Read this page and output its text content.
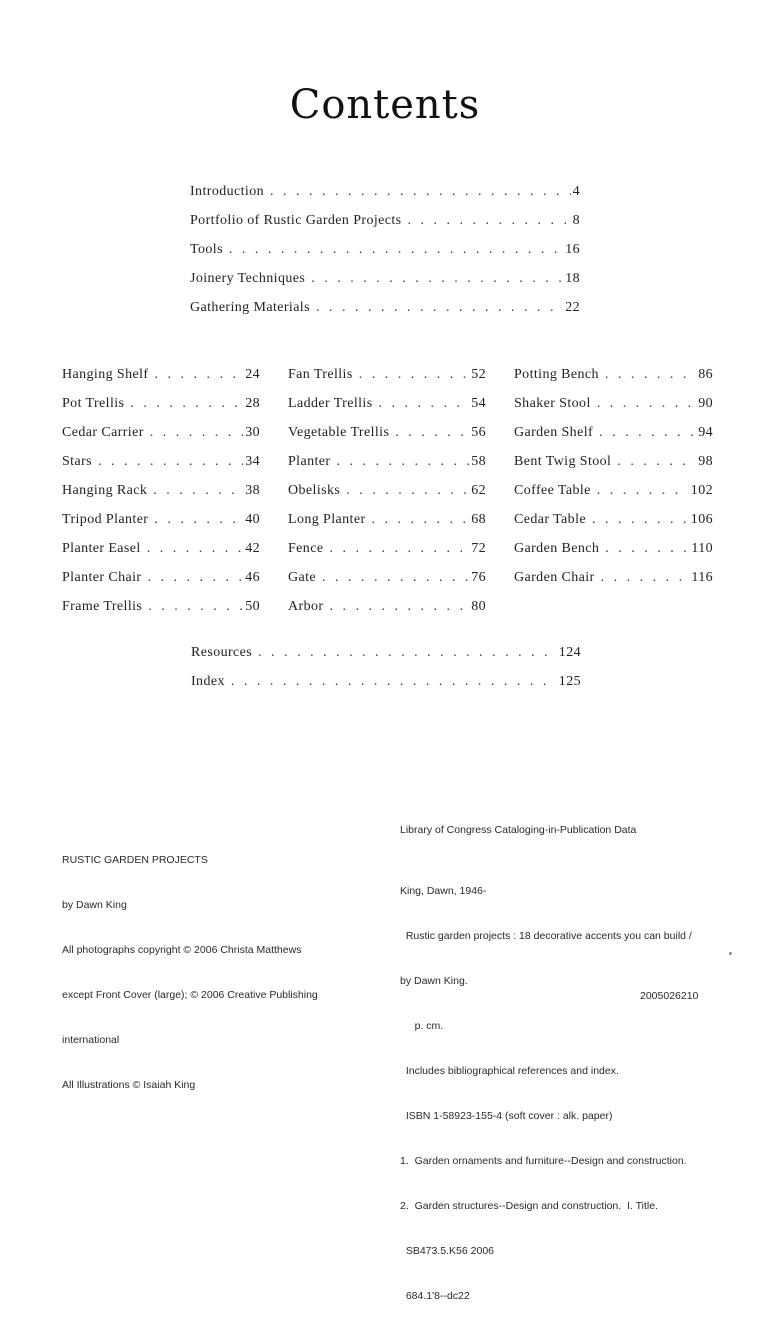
Contents
Introduction . . .	4
Portfolio of Rustic Garden Projects . . .	8
Tools . . .	16
Joinery Techniques . . .	18
Gathering Materials . . .	22
Hanging Shelf . . .	24
Pot Trellis . . .	28
Cedar Carrier . . .	30
Stars . . .	34
Hanging Rack . . .	38
Tripod Planter . . .	40
Planter Easel . . .	42
Planter Chair . . .	46
Frame Trellis . . .	50
Fan Trellis . . .	52
Ladder Trellis . . .	54
Vegetable Trellis . . .	56
Planter . . .	58
Obelisks . . .	62
Long Planter . . .	68
Fence . . .	72
Gate . . .	76
Arbor . . .	80
Potting Bench . . .	86
Shaker Stool . . .	90
Garden Shelf . . .	94
Bent Twig Stool . . .	98
Coffee Table . . .	102
Cedar Table . . .	106
Garden Bench . . .	110
Garden Chair . . .	116
Resources . . .	124
Index . . .	125

RUSTIC GARDEN PROJECTS

by Dawn King

All photographs copyright © 2006 Christa Matthews

except Front Cover (large); © 2006 Creative Publishing

international

All Illustrations © Isaiah King

Library of Congress Cataloging-in-Publication Data

King, Dawn, 1946-

Rustic garden projects : 18 decorative accents you can build /

by Dawn King.

p. cm.

Includes bibliographical references and index.

ISBN 1-58923-155-4 (soft cover : alk. paper)

1.  Garden ornaments and furniture--Design and construction.

2.  Garden structures--Design and construction.  I. Title.

SB473.5.K56 2006

684.1'8--dc22

2005026210
